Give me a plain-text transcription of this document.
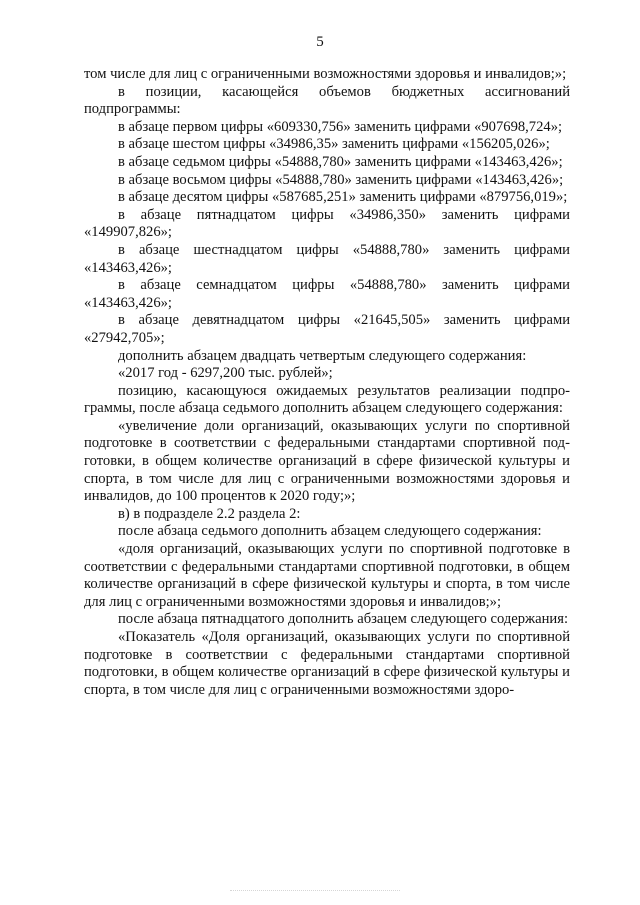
5

том числе для лиц с ограниченными возможностями здоровья и инвалидов;»;

в позиции, касающейся объемов бюджетных ассигнований подпрограммы:

в абзаце первом цифры «609330,756» заменить цифрами «907698,724»;

в абзаце шестом цифры «34986,35» заменить цифрами «156205,026»;

в абзаце седьмом цифры «54888,780» заменить цифрами «143463,426»;

в абзаце восьмом цифры «54888,780» заменить цифрами «143463,426»;

в абзаце десятом цифры «587685,251» заменить цифрами «879756,019»;

в абзаце пятнадцатом цифры «34986,350» заменить цифрами «149907,826»;

в абзаце шестнадцатом цифры «54888,780» заменить цифрами «143463,426»;

в абзаце семнадцатом цифры «54888,780» заменить цифрами «143463,426»;

в абзаце девятнадцатом цифры «21645,505» заменить цифрами «27942,705»;

дополнить абзацем двадцать четвертым следующего содержания:

«2017 год - 6297,200 тыс. рублей»;

позицию, касающуюся ожидаемых результатов реализации подпрограммы, после абзаца седьмого дополнить абзацем следующего содержания:

«увеличение доли организаций, оказывающих услуги по спортивной подготовке в соответствии с федеральными стандартами спортивной подготовки, в общем количестве организаций в сфере физической культуры и спорта, в том числе для лиц с ограниченными возможностями здоровья и инвалидов, до 100 процентов к 2020 году;»;

в) в подразделе 2.2 раздела 2:

после абзаца седьмого дополнить абзацем следующего содержания:

«доля организаций, оказывающих услуги по спортивной подготовке в соответствии с федеральными стандартами спортивной подготовки, в общем количестве организаций в сфере физической культуры и спорта, в том числе для лиц с ограниченными возможностями здоровья и инвалидов;»;

после абзаца пятнадцатого дополнить абзацем следующего содержания:

«Показатель «Доля организаций, оказывающих услуги по спортивной подготовке в соответствии с федеральными стандартами спортивной подготовки, в общем количестве организаций в сфере физической культуры и спорта, в том числе для лиц с ограниченными возможностями здоро-
